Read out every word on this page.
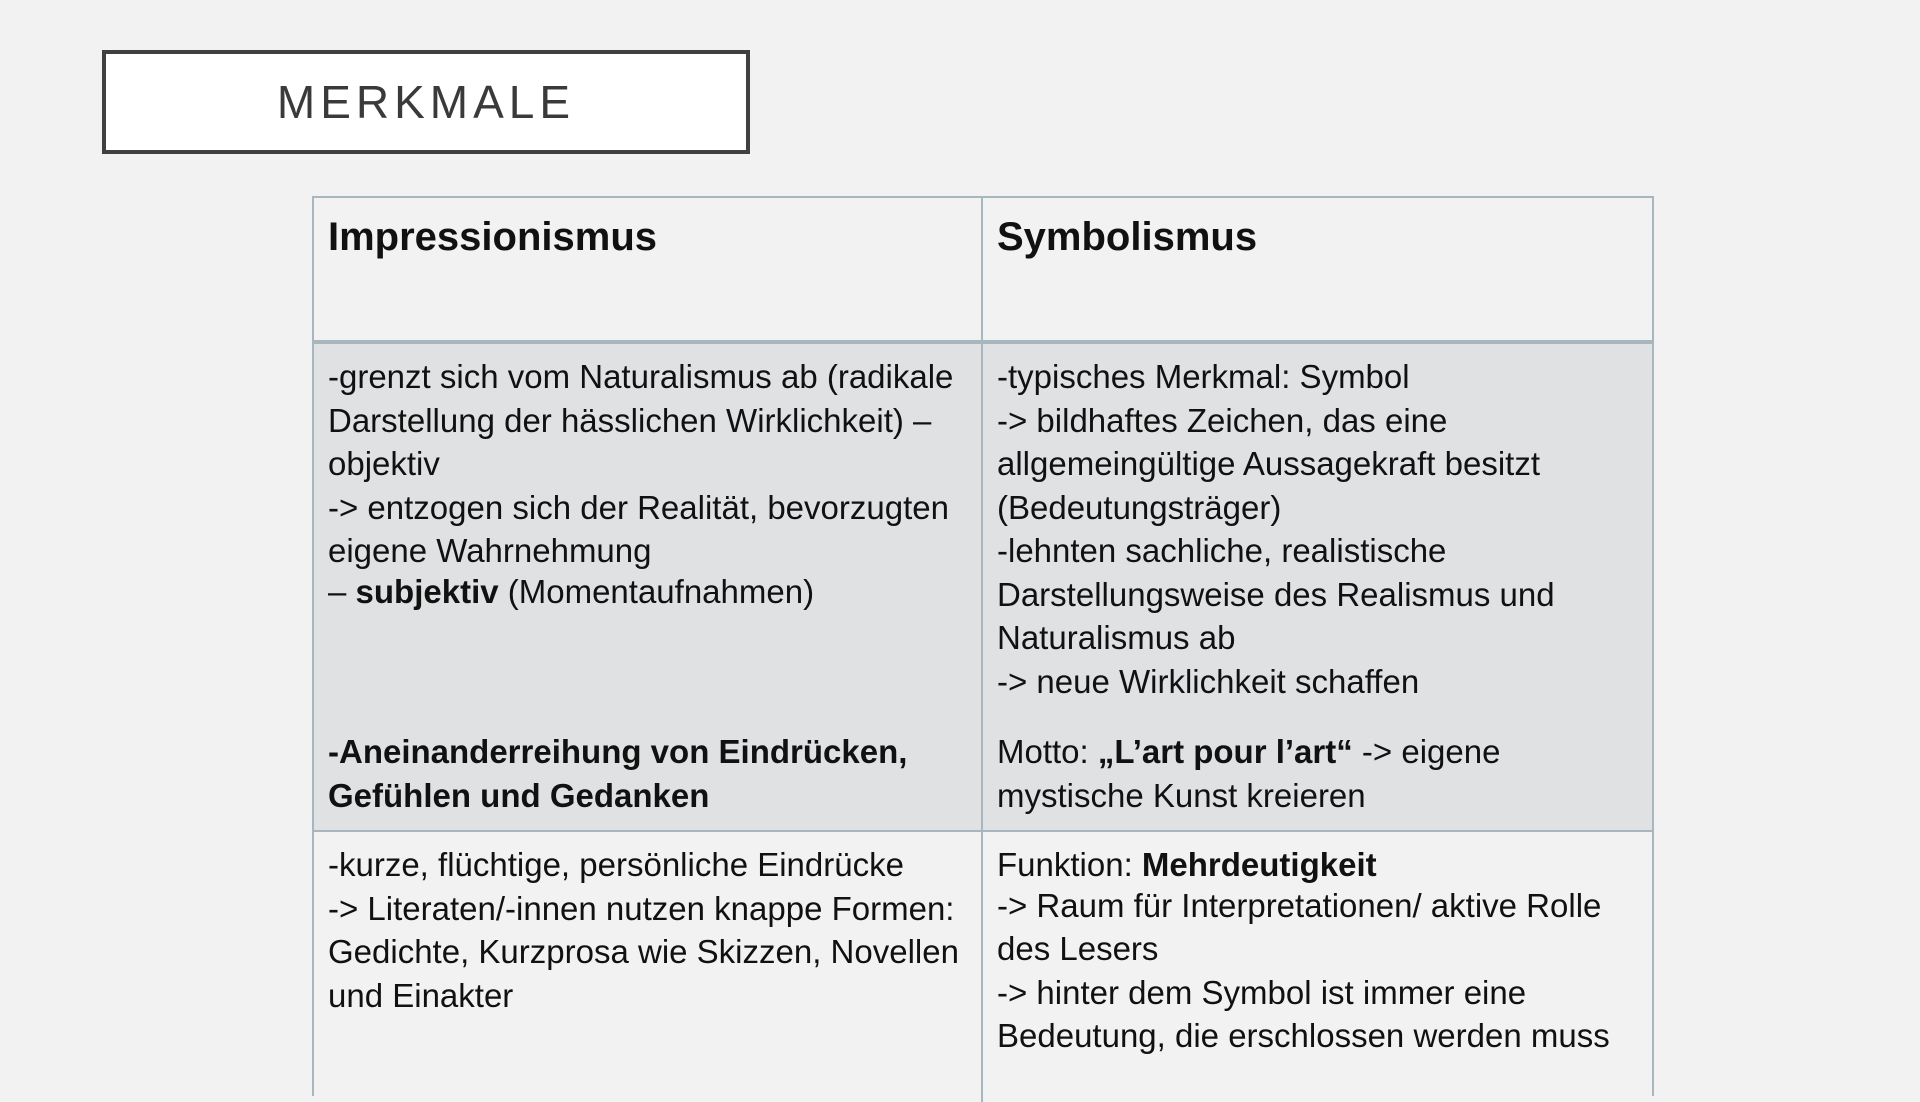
MERKMALE
Impressionismus	Symbolismus
-grenzt sich vom Naturalismus ab (radikale
Darstellung der hässlichen Wirklichkeit) –
objektiv
-> entzogen sich der Realität, bevorzugten
eigene Wahrnehmung
– subjektiv (Momentaufnahmen)
-Aneinanderreihung von Eindrücken, Gefühlen und Gedanken
-typisches Merkmal: Symbol
-> bildhaftes Zeichen, das eine
allgemeingültige Aussagekraft besitzt
(Bedeutungsträger)
-lehnten sachliche, realistische
Darstellungsweise des Realismus und
Naturalismus ab
-> neue Wirklichkeit schaffen
Motto: „L’art pour l’art“ -> eigene mystische Kunst kreieren
-kurze, flüchtige, persönliche Eindrücke
-> Literaten/-innen nutzen knappe Formen:
Gedichte, Kurzprosa wie Skizzen, Novellen
und Einakter
Funktion: Mehrdeutigkeit
-> Raum für Interpretationen/ aktive Rolle
des Lesers
-> hinter dem Symbol ist immer eine
Bedeutung, die erschlossen werden muss
